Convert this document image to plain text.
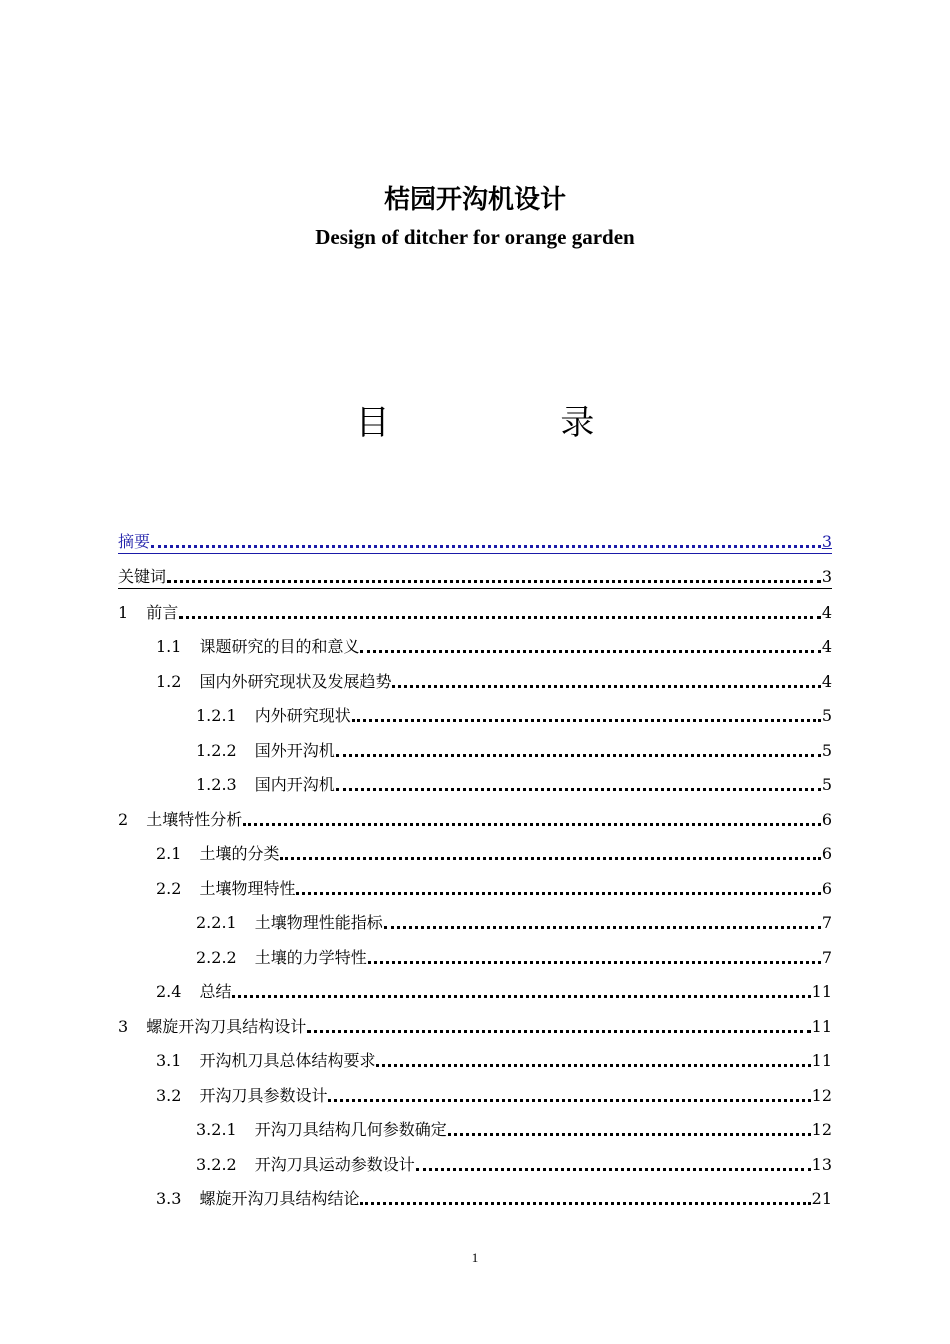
桔园开沟机设计
Design of ditcher for orange garden
目 录
摘要	3
关键词	3
1 前言	4
1.1 课题研究的目的和意义	4
1.2 国内外研究现状及发展趋势	4
1.2.1 内外研究现状	5
1.2.2 国外开沟机	5
1.2.3 国内开沟机	5
2 土壤特性分析	6
2.1 土壤的分类	6
2.2 土壤物理特性	6
2.2.1 土壤物理性能指标	7
2.2.2 土壤的力学特性	7
2.4 总结	11
3 螺旋开沟刀具结构设计	11
3.1 开沟机刀具总体结构要求	11
3.2 开沟刀具参数设计	12
3.2.1 开沟刀具结构几何参数确定	12
3.2.2 开沟刀具运动参数设计	13
3.3 螺旋开沟刀具结构结论	21
1
